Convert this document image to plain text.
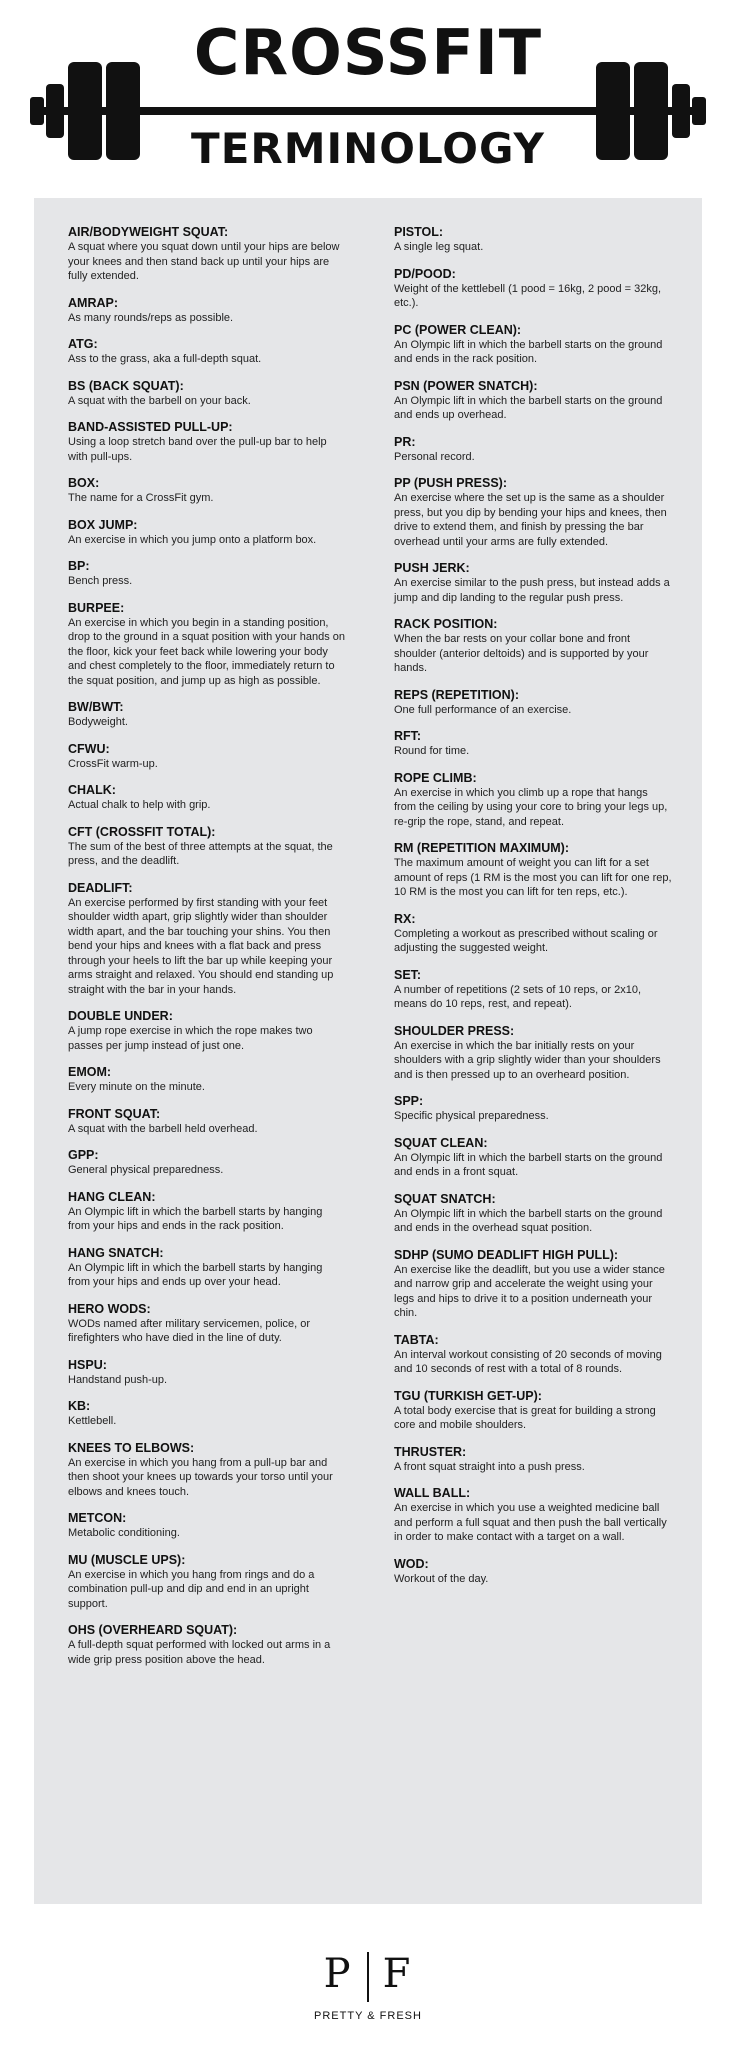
CROSSFIT
TERMINOLOGY
AIR/BODYWEIGHT SQUAT:
A squat where you squat down until your hips are below your knees and then stand back up until your hips are fully extended.
AMRAP:
As many rounds/reps as possible.
ATG:
Ass to the grass, aka a full-depth squat.
BS (BACK SQUAT):
A squat with the barbell on your back.
BAND-ASSISTED PULL-UP:
Using a loop stretch band over the pull-up bar to help with pull-ups.
BOX:
The name for a CrossFit gym.
BOX JUMP:
An exercise in which you jump onto a platform box.
BP:
Bench press.
BURPEE:
An exercise in which you begin in a standing position, drop to the ground in a squat position with your hands on the floor, kick your feet back while lowering your body and chest completely to the floor, immediately return to the squat position, and jump up as high as possible.
BW/BWT:
Bodyweight.
CFWU:
CrossFit warm-up.
CHALK:
Actual chalk to help with grip.
CFT (CROSSFIT TOTAL):
The sum of the best of three attempts at the squat, the press, and the deadlift.
DEADLIFT:
An exercise performed by first standing with your feet shoulder width apart, grip slightly wider than shoulder width apart, and the bar touching your shins. You then bend your hips and knees with a flat back and press through your heels to lift the bar up while keeping your arms straight and relaxed. You should end standing up straight with the bar in your hands.
DOUBLE UNDER:
A jump rope exercise in which the rope makes two passes per jump instead of just one.
EMOM:
Every minute on the minute.
FRONT SQUAT:
A squat with the barbell held overhead.
GPP:
General physical preparedness.
HANG CLEAN:
An Olympic lift in which the barbell starts by hanging from your hips and ends in the rack position.
HANG SNATCH:
An Olympic lift in which the barbell starts by hanging from your hips and ends up over your head.
HERO WODS:
WODs named after military servicemen, police, or firefighters who have died in the line of duty.
HSPU:
Handstand push-up.
KB:
Kettlebell.
KNEES TO ELBOWS:
An exercise in which you hang from a pull-up bar and then shoot your knees up towards your torso until your elbows and knees touch.
METCON:
Metabolic conditioning.
MU (MUSCLE UPS):
An exercise in which you hang from rings and do a combination pull-up and dip and end in an upright support.
OHS (OVERHEARD SQUAT):
A full-depth squat performed with locked out arms in a wide grip press position above the head.
PISTOL:
A single leg squat.
PD/POOD:
Weight of the kettlebell (1 pood = 16kg, 2 pood = 32kg, etc.).
PC (POWER CLEAN):
An Olympic lift in which the barbell starts on the ground and ends in the rack position.
PSN (POWER SNATCH):
An Olympic lift in which the barbell starts on the ground and ends up overhead.
PR:
Personal record.
PP (PUSH PRESS):
An exercise where the set up is the same as a shoulder press, but you dip by bending your hips and knees, then drive to extend them, and finish by pressing the bar overhead until your arms are fully extended.
PUSH JERK:
An exercise similar to the push press, but instead adds a jump and dip landing to the regular push press.
RACK POSITION:
When the bar rests on your collar bone and front shoulder (anterior deltoids) and is supported by your hands.
REPS (REPETITION):
One full performance of an exercise.
RFT:
Round for time.
ROPE CLIMB:
An exercise in which you climb up a rope that hangs from the ceiling by using your core to bring your legs up, re-grip the rope, stand, and repeat.
RM (REPETITION MAXIMUM):
The maximum amount of weight you can lift for a set amount of reps (1 RM is the most you can lift for one rep, 10 RM is the most you can lift for ten reps, etc.).
RX:
Completing a workout as prescribed without scaling or adjusting the suggested weight.
SET:
A number of repetitions (2 sets of 10 reps, or 2x10, means do 10 reps, rest, and repeat).
SHOULDER PRESS:
An exercise in which the bar initially rests on your shoulders with a grip slightly wider than your shoulders and is then pressed up to an overheard position.
SPP:
Specific physical preparedness.
SQUAT CLEAN:
An Olympic lift in which the barbell starts on the ground and ends in a front squat.
SQUAT SNATCH:
An Olympic lift in which the barbell starts on the ground and ends in the overhead squat position.
SDHP (SUMO DEADLIFT HIGH PULL):
An exercise like the deadlift, but you use a wider stance and narrow grip and accelerate the weight using your legs and hips to drive it to a position underneath your chin.
TABTA:
An interval workout consisting of 20 seconds of moving and 10 seconds of rest with a total of 8 rounds.
TGU (TURKISH GET-UP):
A total body exercise that is great for building a strong core and mobile shoulders.
THRUSTER:
A front squat straight into a push press.
WALL BALL:
An exercise in which you use a weighted medicine ball and perform a full squat and then push the ball vertically in order to make contact with a target on a wall.
WOD:
Workout of the day.
P F
PRETTY & FRESH
